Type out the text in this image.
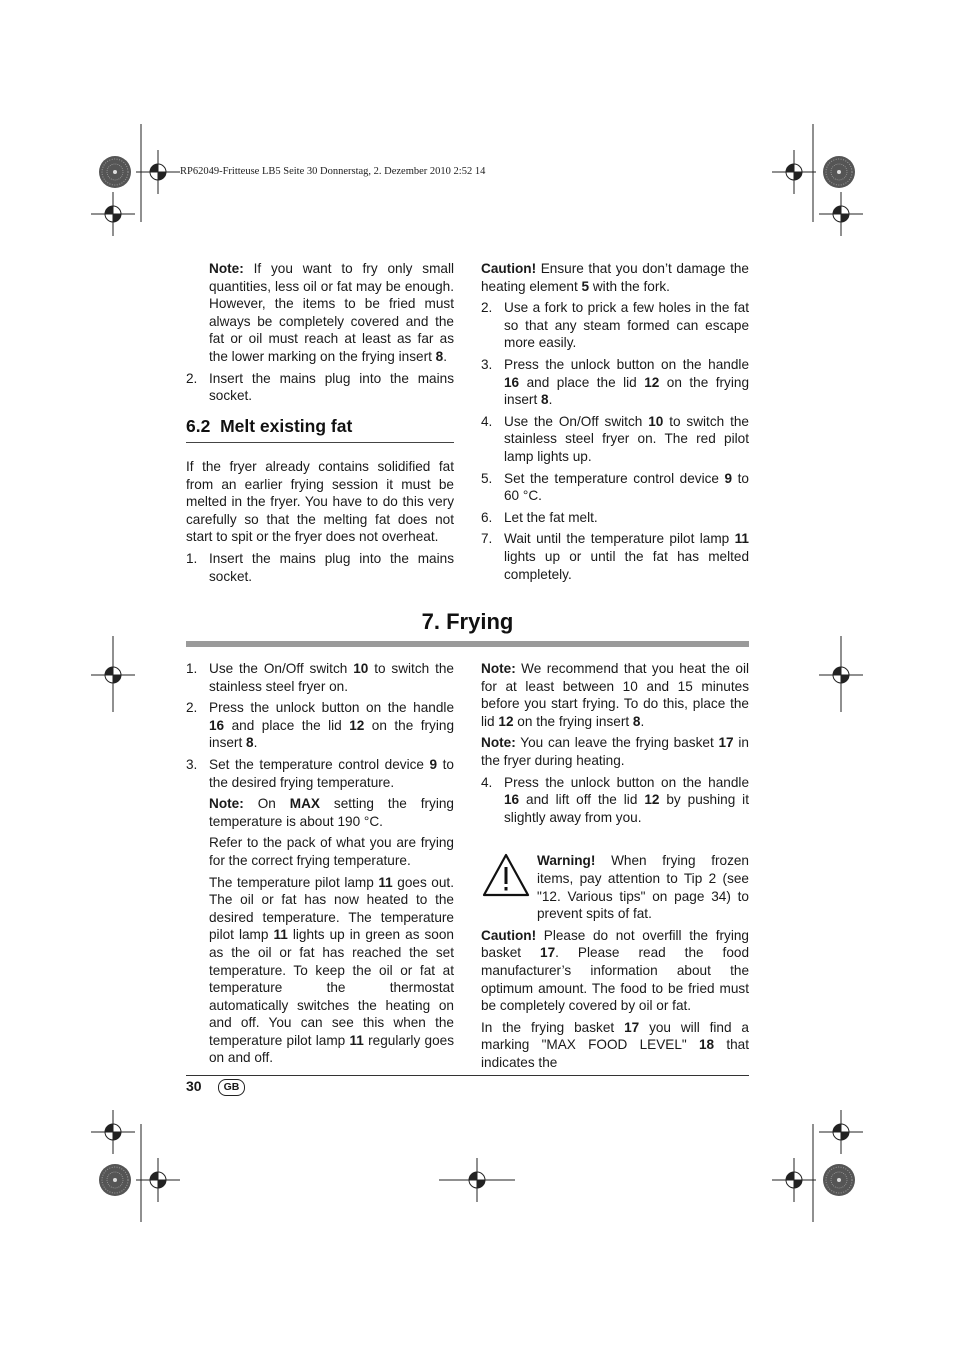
RP62049-Fritteuse LB5 Seite 30 Donnerstag, 2. Dezember 2010 2:52 14

Note: If you want to fry only small quantities, less oil or fat may be enough. However, the items to be fried must always be completely covered and the fat or oil must reach at least as far as the lower marking on the frying insert 8.

2. Insert the mains plug into the mains socket.
6.2 Melt existing fat

If the fryer already contains solidified fat from an earlier frying session it must be melted in the fryer. You have to do this very carefully so that the melting fat does not start to spit or the fryer does not overheat.

1. Insert the mains plug into the mains socket.

Caution! Ensure that you don’t damage the heating element 5 with the fork.

2. Use a fork to prick a few holes in the fat so that any steam formed can escape more easily.
3. Press the unlock button on the handle 16 and place the lid 12 on the frying insert 8.
4. Use the On/Off switch 10 to switch the stainless steel fryer on. The red pilot lamp lights up.
5. Set the temperature control device 9 to 60 °C.
6. Let the fat melt.
7. Wait until the temperature pilot lamp 11 lights up or until the fat has melted completely.
7. Frying
1. Use the On/Off switch 10 to switch the stainless steel fryer on.
2. Press the unlock button on the handle 16 and place the lid 12 on the frying insert 8.
3. Set the temperature control device 9 to the desired frying temperature.

Note: On MAX setting the frying temperature is about 190 °C.

Refer to the pack of what you are frying for the correct frying temperature.

The temperature pilot lamp 11 goes out. The oil or fat has now heated to the desired temperature. The temperature pilot lamp 11 lights up in green as soon as the oil or fat has reached the set temperature. To keep the oil or fat at temperature the thermostat automatically switches the heating on and off. You can see this when the temperature pilot lamp 11 regularly goes on and off.

Note: We recommend that you heat the oil for at least between 10 and 15 minutes before you start frying. To do this, place the lid 12 on the frying insert 8.

Note: You can leave the frying basket 17 in the fryer during heating.

4. Press the unlock button on the handle 16 and lift off the lid 12 by pushing it slightly away from you.
Warning! When frying frozen items, pay attention to Tip 2 (see "12. Various tips" on page 34) to prevent spits of fat.

Caution! Please do not overfill the frying basket 17. Please read the food manufacturer’s information about the optimum amount. The food to be fried must be completely covered by oil or fat.

In the frying basket 17 you will find a marking "MAX FOOD LEVEL" 18 that indicates the

30	GB
